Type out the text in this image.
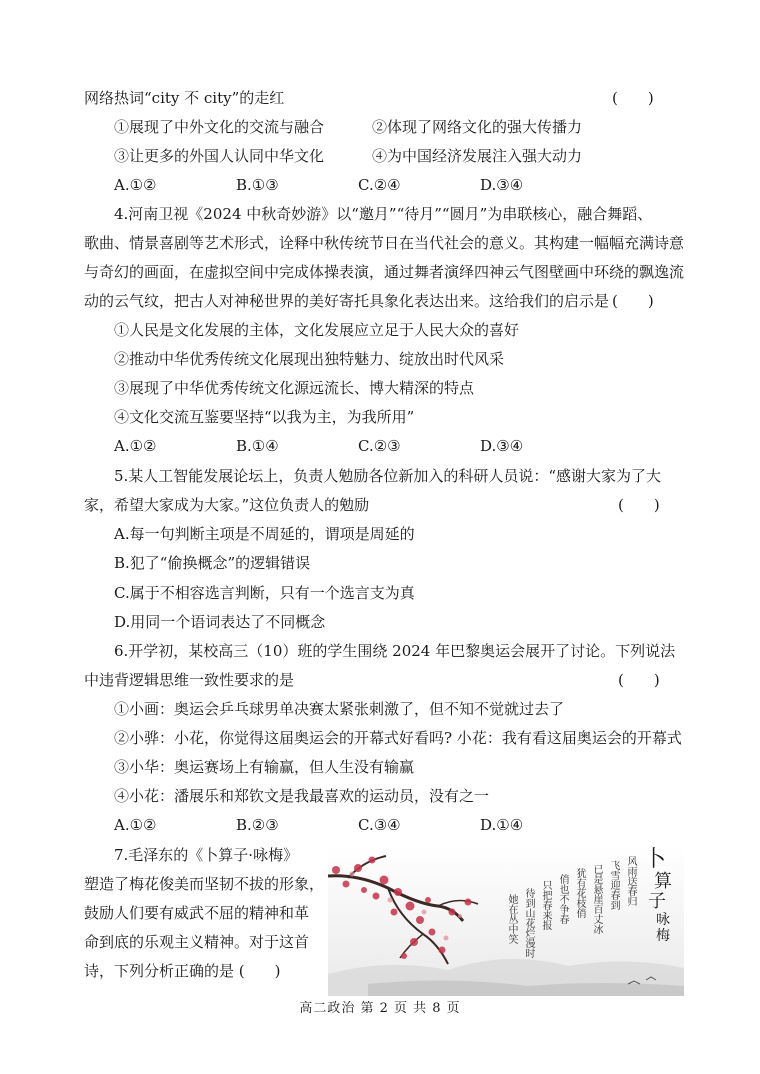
网络热词“city 不 city”的走红	(　　)
①展现了中外文化的交流与融合	②体现了网络文化的强大传播力
③让更多的外国人认同中华文化	④为中国经济发展注入强大动力
A.①②	B.①③	C.②④	D.③④
4.河南卫视《2024 中秋奇妙游》以“邀月”“待月”“圆月”为串联核心，融合舞蹈、
歌曲、情景喜剧等艺术形式，诠释中秋传统节日在当代社会的意义。其构建一幅幅充满诗意
与奇幻的画面，在虚拟空间中完成体操表演，通过舞者演绎四神云气图壁画中环绕的飘逸流
动的云气纹，把古人对神秘世界的美好寄托具象化表达出来。这给我们的启示是 (　　)
①人民是文化发展的主体，文化发展应立足于人民大众的喜好
②推动中华优秀传统文化展现出独特魅力、绽放出时代风采
③展现了中华优秀传统文化源远流长、博大精深的特点
④文化交流互鉴要坚持“以我为主，为我所用”
A.①②	B.①④	C.②③	D.③④
5.某人工智能发展论坛上，负责人勉励各位新加入的科研人员说：“感谢大家为了大
家，希望大家成为大家。”这位负责人的勉励	(　　)
A.每一句判断主项是不周延的，谓项是周延的
B.犯了“偷换概念”的逻辑错误
C.属于不相容选言判断，只有一个选言支为真
D.用同一个语词表达了不同概念
6.开学初，某校高三（10）班的学生围绕 2024 年巴黎奥运会展开了讨论。下列说法
中违背逻辑思维一致性要求的是	(　　)
①小画：奥运会乒乓球男单决赛太紧张刺激了，但不知不觉就过去了
②小骅：小花，你觉得这届奥运会的开幕式好看吗? 小花：我有看这届奥运会的开幕式
③小华：奥运赛场上有输赢，但人生没有输赢
④小花：潘展乐和郑钦文是我最喜欢的运动员，没有之一
A.①②	B.②③	C.③④	D.①④
7.毛泽东的《卜算子·咏梅》
塑造了梅花俊美而坚韧不拔的形象，
鼓励人们要有威武不屈的精神和革
命到底的乐观主义精神。对于这首
诗，下列分析正确的是 (　　)
风雨送春归
飞雪迎春到
已是悬崖百丈冰
犹有花枝俏
俏也不争春
只把春来报
待到山花烂漫时
她在丛中笑
卜
算
子
咏
梅
高二政治 第 2 页 共 8 页
